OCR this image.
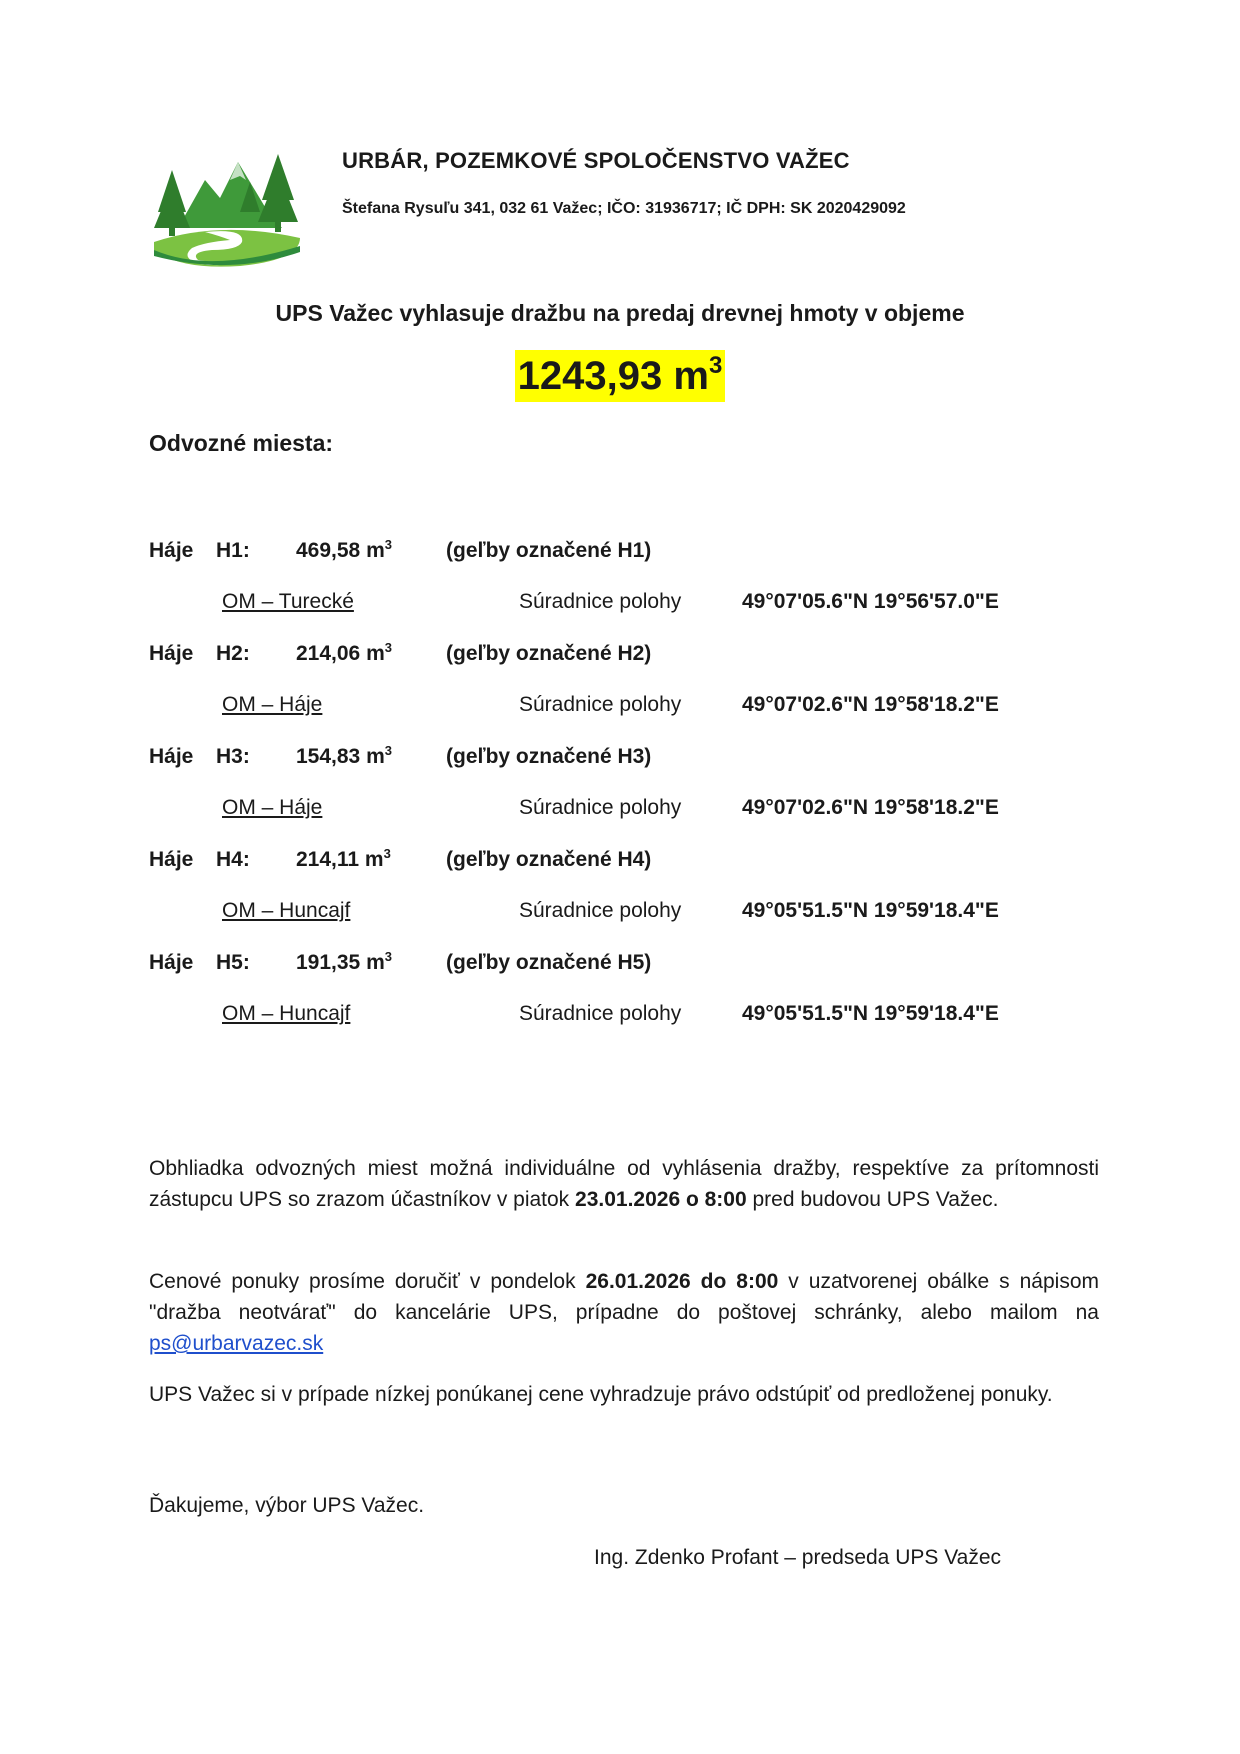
URBÁR, POZEMKOVÉ SPOLOČENSTVO VAŽEC
Štefana Rysuľu 341, 032 61 Važec; IČO: 31936717; IČ DPH: SK 2020429092
UPS Važec vyhlasuje dražbu na predaj drevnej hmoty v objeme
1243,93 $m^3$
Odvozné miesta:
Háje H1: 469,58 $m^3$	(geľby označené H1)
OM – Turecké	Súradnice polohy	49°07'05.6"N 19°56'57.0"E
Háje H2: 214,06 $m^3$	(geľby označené H2)
OM – Háje	Súradnice polohy	49°07'02.6"N 19°58'18.2"E
Háje H3: 154,83 $m^3$	(geľby označené H3)
OM – Háje	Súradnice polohy	49°07'02.6"N 19°58'18.2"E
Háje H4: 214,11 $m^3$	(geľby označené H4)
OM – Huncajf	Súradnice polohy	49°05'51.5"N 19°59'18.4"E
Háje H5: 191,35 $m^3$	(geľby označené H5)
OM – Huncajf	Súradnice polohy	49°05'51.5"N 19°59'18.4"E
Obhliadka odvozných miest možná individuálne od vyhlásenia dražby, respektíve za prítomnosti zástupcu UPS so zrazom účastníkov v piatok 23.01.2026 o 8:00 pred budovou UPS Važec.
Cenové ponuky prosíme doručiť v pondelok 26.01.2026 do 8:00 v uzatvorenej obálke s nápisom "dražba neotvárať" do kancelárie UPS, prípadne do poštovej schránky, alebo mailom na ps@urbarvazec.sk
UPS Važec si v prípade nízkej ponúkanej cene vyhradzuje právo odstúpiť od predloženej ponuky.
Ďakujeme, výbor UPS Važec.
Ing. Zdenko Profant – predseda UPS Važec
